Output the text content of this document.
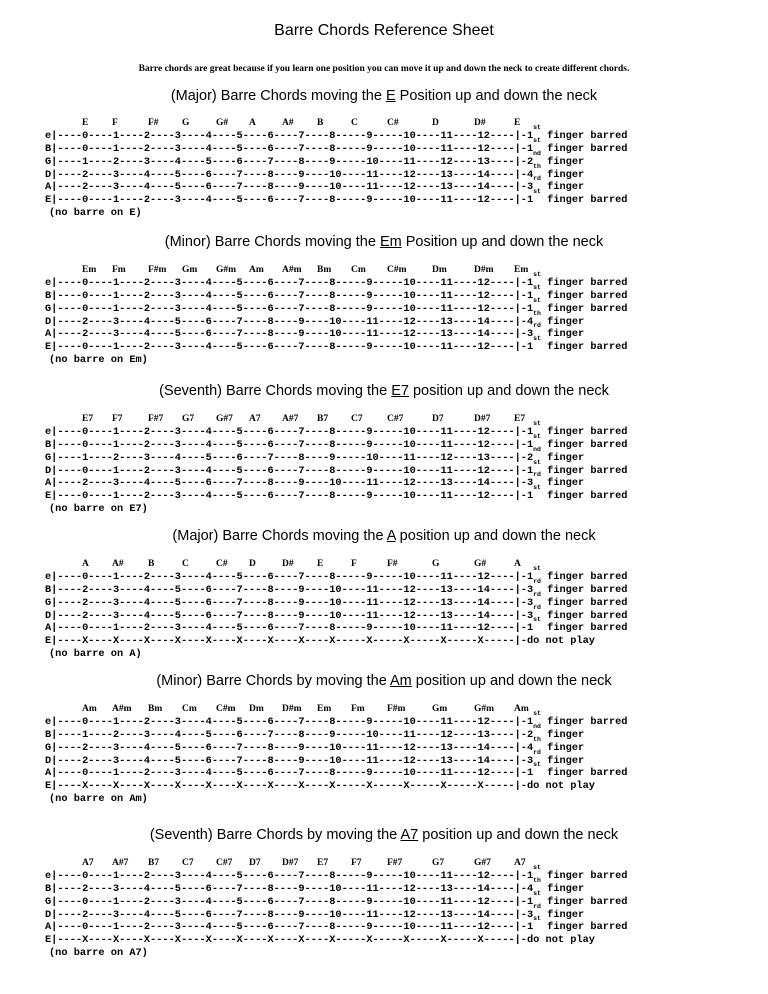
Barre Chords Reference Sheet
Barre chords are great because if you learn one position you can move it up and down the neck to create different chords.
(Major) Barre Chords moving the E Position up and down the neck
E F	F# G	G# A	A# B	C	C#	D	D#	E
e|----0----1----2----3----4----5----6----7----8-----9-----10----11----12----|-1st finger barred
B|----0----1----2----3----4----5----6----7----8-----9-----10----11----12----|-1st finger barred
G|----1----2----3----4----5----6----7----8----9-----10----11----12----13----|-2nd finger
D|----2----3----4----5----6----7----8----9----10----11----12----13----14----|-4th finger
A|----2----3----4----5----6----7----8----9----10----11----12----13----14----|-3rd finger
E|----0----1----2----3----4----5----6----7----8-----9-----10----11----12----|-1st finger barred
(no barre on E)
(Minor) Barre Chords moving the Em Position up and down the neck
Em Fm F#m Gm G#m Am A#m Bm Cm C#m	Dm	D#m Em
e|----0----1----2----3----4----5----6----7----8-----9-----10----11----12----|-1st finger barred
B|----0----1----2----3----4----5----6----7----8-----9-----10----11----12----|-1st finger barred
G|----0----1----2----3----4----5----6----7----8-----9-----10----11----12----|-1st finger barred
D|----2----3----4----5----6----7----8----9----10----11----12----13----14----|-4th finger
A|----2----3----4----5----6----7----8----9----10----11----12----13----14----|-3rd finger
E|----0----1----2----3----4----5----6----7----8-----9-----10----11----12----|-1st finger barred
(no barre on Em)
(Seventh) Barre Chords moving the E7 position up and down the neck
E7 F7	F#7 G7 G#7 A7 A#7 B7 C7	C#7	D7	D#7 E7
e|----0----1----2----3----4----5----6----7----8-----9-----10----11----12----|-1st finger barred
B|----0----1----2----3----4----5----6----7----8-----9-----10----11----12----|-1st finger barred
G|----1----2----3----4----5----6----7----8----9-----10----11----12----13----|-2nd finger
D|----0----1----2----3----4----5----6----7----8-----9-----10----11----12----|-1st finger barred
A|----2----3----4----5----6----7----8----9----10----11----12----13----14----|-3rd finger
E|----0----1----2----3----4----5----6----7----8-----9-----10----11----12----|-1st finger barred
(no barre on E7)
(Major) Barre Chords moving the A position up and down the neck
A A#	B	C	C# D	D# E	F	F#	G	G#	A
e|----0----1----2----3----4----5----6----7----8-----9-----10----11----12----|-1st finger barred
B|----2----3----4----5----6----7----8----9----10----11----12----13----14----|-3rd finger barred
G|----2----3----4----5----6----7----8----9----10----11----12----13----14----|-3rd finger barred
D|----2----3----4----5----6----7----8----9----10----11----12----13----14----|-3rd finger barred
A|----0----1----2----3----4----5----6----7----8-----9-----10----11----12----|-1st finger barred
E|----X----X----X----X----X----X----X----X----X-----X-----X-----X-----X-----|-do not play
(no barre on A)
(Minor) Barre Chords by moving the Am position up and down the neck
Am A#m Bm Cm C#m Dm D#m Em Fm F#m	Gm	G#m Am
e|----0----1----2----3----4----5----6----7----8-----9-----10----11----12----|-1st finger barred
B|----1----2----3----4----5----6----7----8----9-----10----11----12----13----|-2nd finger
G|----2----3----4----5----6----7----8----9----10----11----12----13----14----|-4th finger
D|----2----3----4----5----6----7----8----9----10----11----12----13----14----|-3rd finger
A|----0----1----2----3----4----5----6----7----8-----9-----10----11----12----|-1st finger barred
E|----X----X----X----X----X----X----X----X----X-----X-----X-----X-----X-----|-do not play
(no barre on Am)
(Seventh) Barre Chords by moving the A7 position up and down the neck
A7 A#7 B7 C7 C#7 D7 D#7 E7 F7	F#7	G7	G#7 A7
e|----0----1----2----3----4----5----6----7----8-----9-----10----11----12----|-1st finger barred
B|----2----3----4----5----6----7----8----9----10----11----12----13----14----|-4th finger
G|----0----1----2----3----4----5----6----7----8-----9-----10----11----12----|-1st finger barred
D|----2----3----4----5----6----7----8----9----10----11----12----13----14----|-3rd finger
A|----0----1----2----3----4----5----6----7----8-----9-----10----11----12----|-1st finger barred
E|----X----X----X----X----X----X----X----X----X-----X-----X-----X-----X-----|-do not play
(no barre on A7)
